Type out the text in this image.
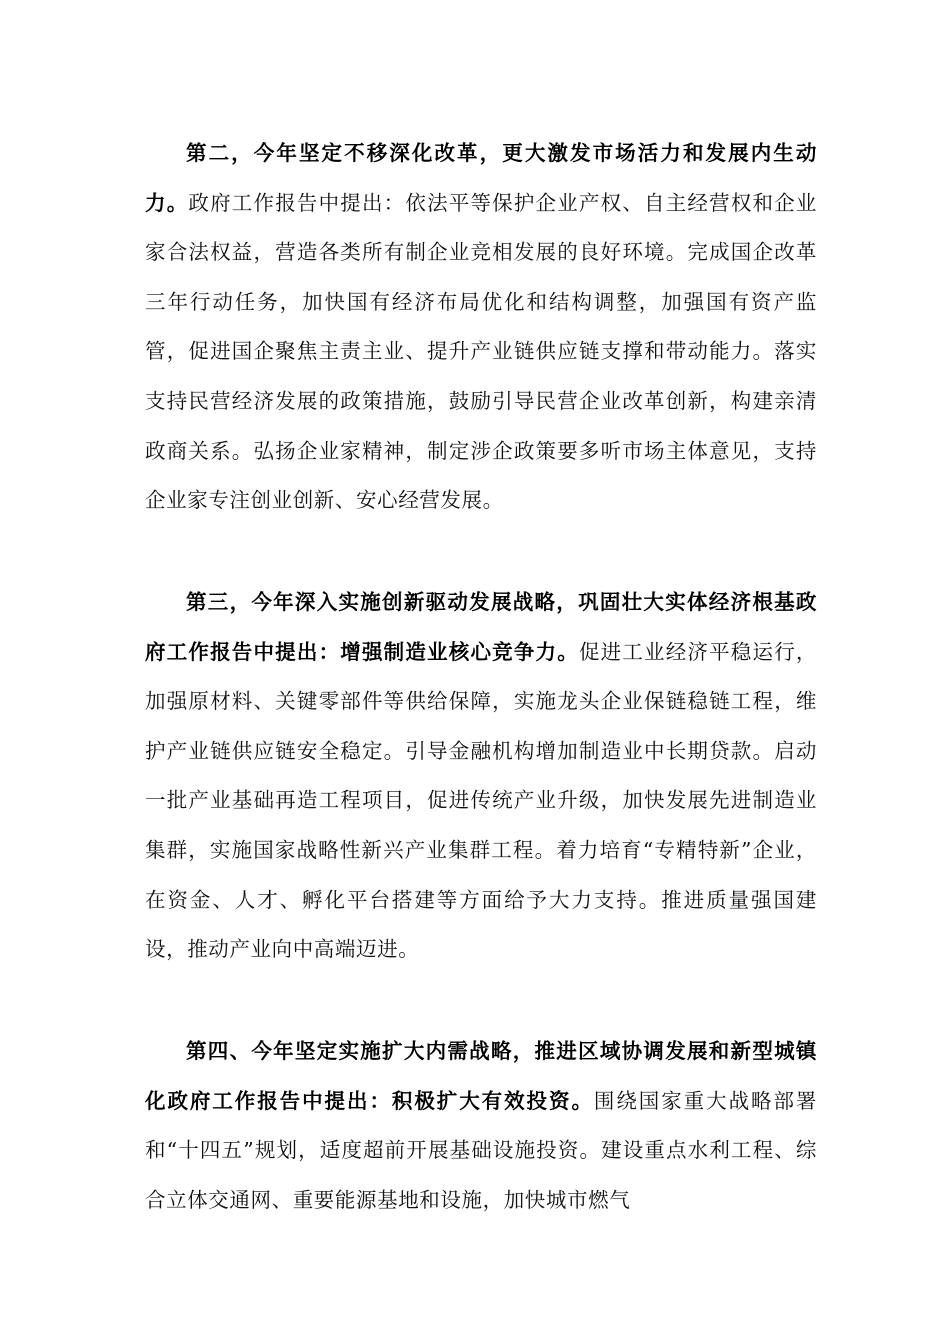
第二，今年坚定不移深化改革，更大激发市场活力和发展内生动力。政府工作报告中提出：依法平等保护企业产权、自主经营权和企业家合法权益，营造各类所有制企业竞相发展的良好环境。完成国企改革三年行动任务，加快国有经济布局优化和结构调整，加强国有资产监管，促进国企聚焦主责主业、提升产业链供应链支撑和带动能力。落实支持民营经济发展的政策措施，鼓励引导民营企业改革创新，构建亲清政商关系。弘扬企业家精神，制定涉企政策要多听市场主体意见，支持企业家专注创业创新、安心经营发展。

第三，今年深入实施创新驱动发展战略，巩固壮大实体经济根基政府工作报告中提出：增强制造业核心竞争力。促进工业经济平稳运行，加强原材料、关键零部件等供给保障，实施龙头企业保链稳链工程，维护产业链供应链安全稳定。引导金融机构增加制造业中长期贷款。启动一批产业基础再造工程项目，促进传统产业升级，加快发展先进制造业集群，实施国家战略性新兴产业集群工程。着力培育“专精特新”企业，在资金、人才、孵化平台搭建等方面给予大力支持。推进质量强国建设，推动产业向中高端迈进。

第四、今年坚定实施扩大内需战略，推进区域协调发展和新型城镇化政府工作报告中提出：积极扩大有效投资。围绕国家重大战略部署和“十四五”规划，适度超前开展基础设施投资。建设重点水利工程、综合立体交通网、重要能源基地和设施，加快城市燃气
